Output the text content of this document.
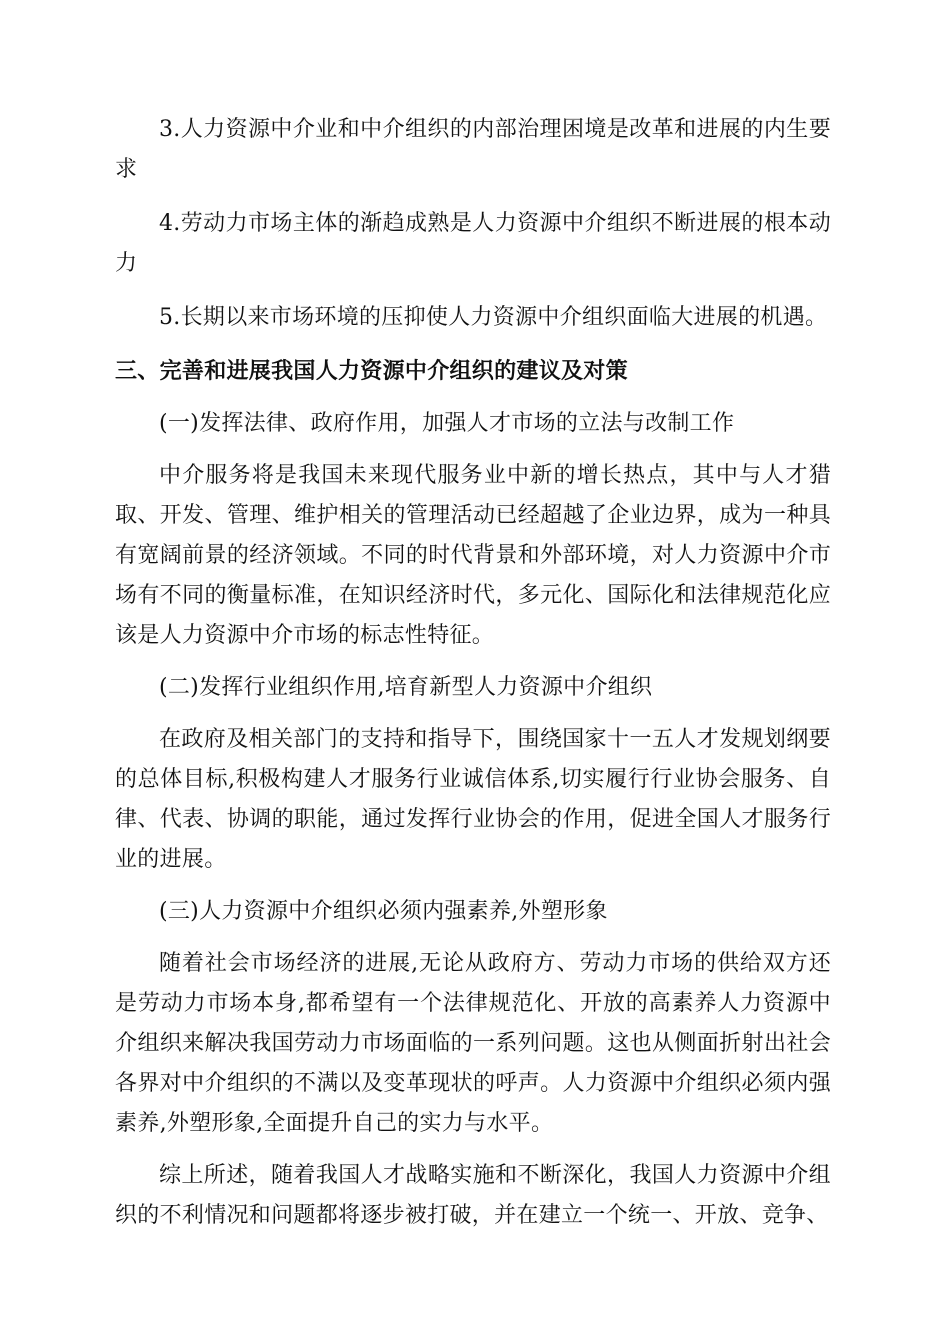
3.人力资源中介业和中介组织的内部治理困境是改革和进展的内生要求

4.劳动力市场主体的渐趋成熟是人力资源中介组织不断进展的根本动力

5.长期以来市场环境的压抑使人力资源中介组织面临大进展的机遇。

三、完善和进展我国人力资源中介组织的建议及对策

(一)发挥法律、政府作用，加强人才市场的立法与改制工作

中介服务将是我国未来现代服务业中新的增长热点，其中与人才猎取、开发、管理、维护相关的管理活动已经超越了企业边界，成为一种具有宽阔前景的经济领域。不同的时代背景和外部环境，对人力资源中介市场有不同的衡量标准，在知识经济时代，多元化、国际化和法律规范化应该是人力资源中介市场的标志性特征。

(二)发挥行业组织作用,培育新型人力资源中介组织

在政府及相关部门的支持和指导下，围绕国家十一五人才发规划纲要的总体目标,积极构建人才服务行业诚信体系,切实履行行业协会服务、自律、代表、协调的职能，通过发挥行业协会的作用，促进全国人才服务行业的进展。

(三)人力资源中介组织必须内强素养,外塑形象

随着社会市场经济的进展,无论从政府方、劳动力市场的供给双方还是劳动力市场本身,都希望有一个法律规范化、开放的高素养人力资源中介组织来解决我国劳动力市场面临的一系列问题。这也从侧面折射出社会各界对中介组织的不满以及变革现状的呼声。人力资源中介组织必须内强素养,外塑形象,全面提升自己的实力与水平。

综上所述，随着我国人才战略实施和不断深化，我国人力资源中介组织的不利情况和问题都将逐步被打破，并在建立一个统一、开放、竞争、
